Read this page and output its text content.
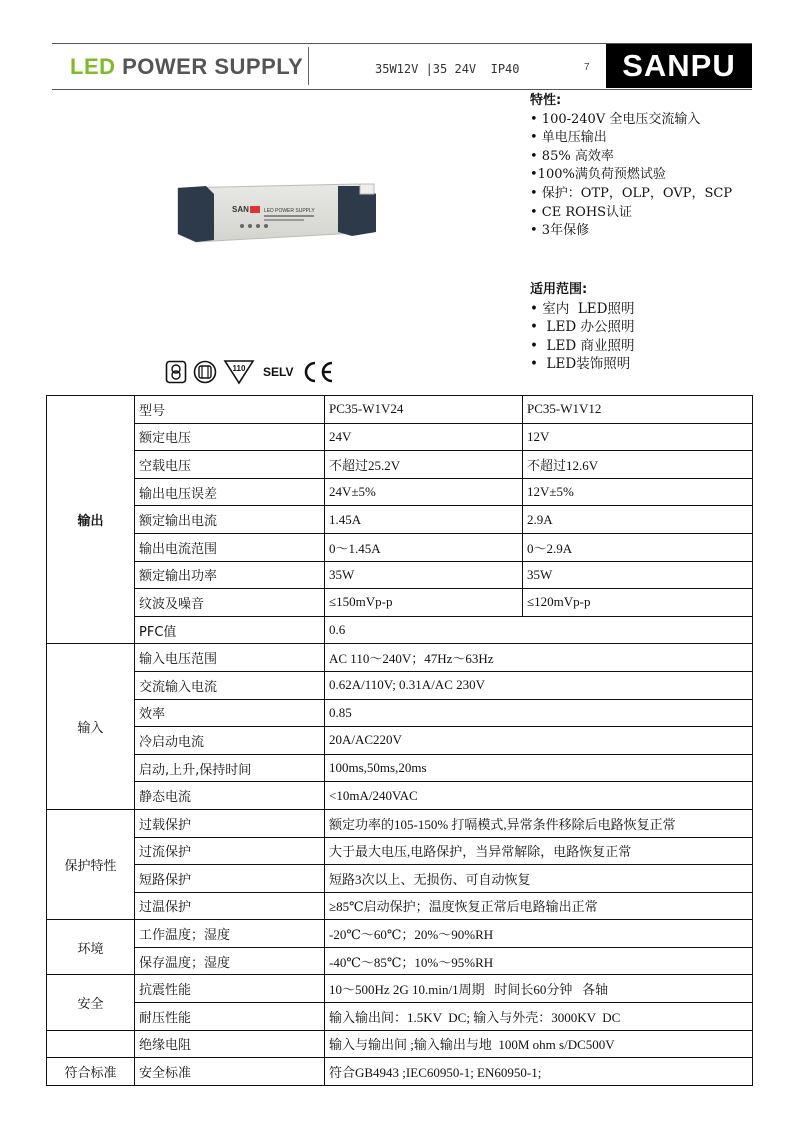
LED POWER SUPPLY	35W12V |35 24V  IP40	7 SANPU
SAN	LED POWER SUPPLY
特性:
• 100-240V 全电压交流输入
• 单电压输出
• 85% 高效率
•100%满负荷预燃试验
• 保护：OTP，OLP，OVP，SCP
• CE ROHS认证
• 3年保修
适用范围:
• 室内  LED照明
•  LED 办公照明
•  LED 商业照明
•  LED装饰照明
110 SELV
输出	型号	PC35-W1V24	PC35-W1V12
	额定电压	24V	12V
	空载电压	不超过25.2V	不超过12.6V
	输出电压误差	24V±5%	12V±5%
	额定输出电流	1.45A	2.9A
	输出电流范围	0～1.45A	0～2.9A
	额定输出功率	35W	35W
	纹波及噪音	≤150mVp-p	≤120mVp-p
	PFC值	0.6	
输入	输入电压范围	AC 110～240V；47Hz～63Hz	
	交流输入电流	0.62A/110V; 0.31A/AC 230V	
	效率	0.85	
	冷启动电流	20A/AC220V	
	启动,上升,保持时间	100ms,50ms,20ms	
	静态电流	<10mA/240VAC	
保护特性	过载保护	额定功率的105-150% 打嗝模式,异常条件移除后电路恢复正常	
	过流保护	大于最大电压,电路保护，当异常解除，电路恢复正常	
	短路保护	短路3次以上、无损伤、可自动恢复	
	过温保护	≥85℃启动保护；温度恢复正常后电路输出正常	
环境	工作温度；湿度	-20℃～60℃；20%～90%RH	
	保存温度；湿度	-40℃～85℃；10%～95%RH	
安全	抗震性能	10～500Hz 2G 10.min/1周期   时间长60分钟   各轴	
	耐压性能	输入输出间：1.5KV  DC; 输入与外壳：3000KV  DC	
	绝缘电阻	输入与输出间 ;输入输出与地  100M ohm s/DC500V	
符合标准	安全标准	符合GB4943 ;IEC60950-1; EN60950-1;	
